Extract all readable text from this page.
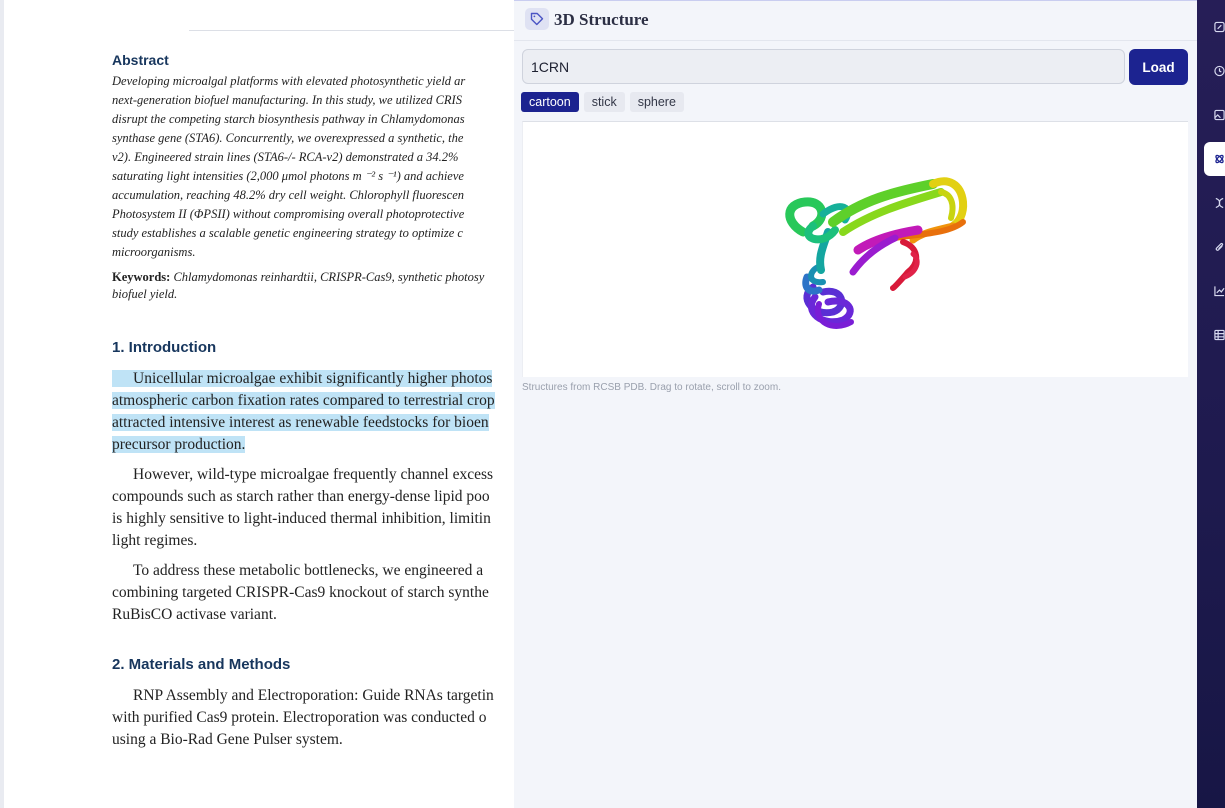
Abstract

Developing microalgal platforms with elevated photosynthetic yield ar

next-generation biofuel manufacturing. In this study, we utilized CRIS

disrupt the competing starch biosynthesis pathway in Chlamydomonas

synthase gene (STA6). Concurrently, we overexpressed a synthetic, the

v2). Engineered strain lines (STA6-/- RCA-v2) demonstrated a 34.2%

saturating light intensities (2,000 μmol photons m ⁻² s ⁻¹) and achieve

accumulation, reaching 48.2% dry cell weight. Chlorophyll fluorescen

Photosystem II (ΦPSII) without compromising overall photoprotective

study establishes a scalable genetic engineering strategy to optimize c

microorganisms.

Keywords: Chlamydomonas reinhardtii, CRISPR-Cas9, synthetic photosy

biofuel yield.

1. Introduction

Unicellular microalgae exhibit significantly higher photos

atmospheric carbon fixation rates compared to terrestrial crop

attracted intensive interest as renewable feedstocks for bioen

precursor production.

However, wild-type microalgae frequently channel excess

compounds such as starch rather than energy-dense lipid poo

is highly sensitive to light-induced thermal inhibition, limitin

light regimes.

To address these metabolic bottlenecks, we engineered a

combining targeted CRISPR-Cas9 knockout of starch synthe

RuBisCO activase variant.

2. Materials and Methods

RNP Assembly and Electroporation: Guide RNAs targetin

with purified Cas9 protein. Electroporation was conducted o

using a Bio-Rad Gene Pulser system.

3D Structure
1CRN
Load
cartoon	stick	sphere
Structures from RCSB PDB. Drag to rotate, scroll to zoom.
